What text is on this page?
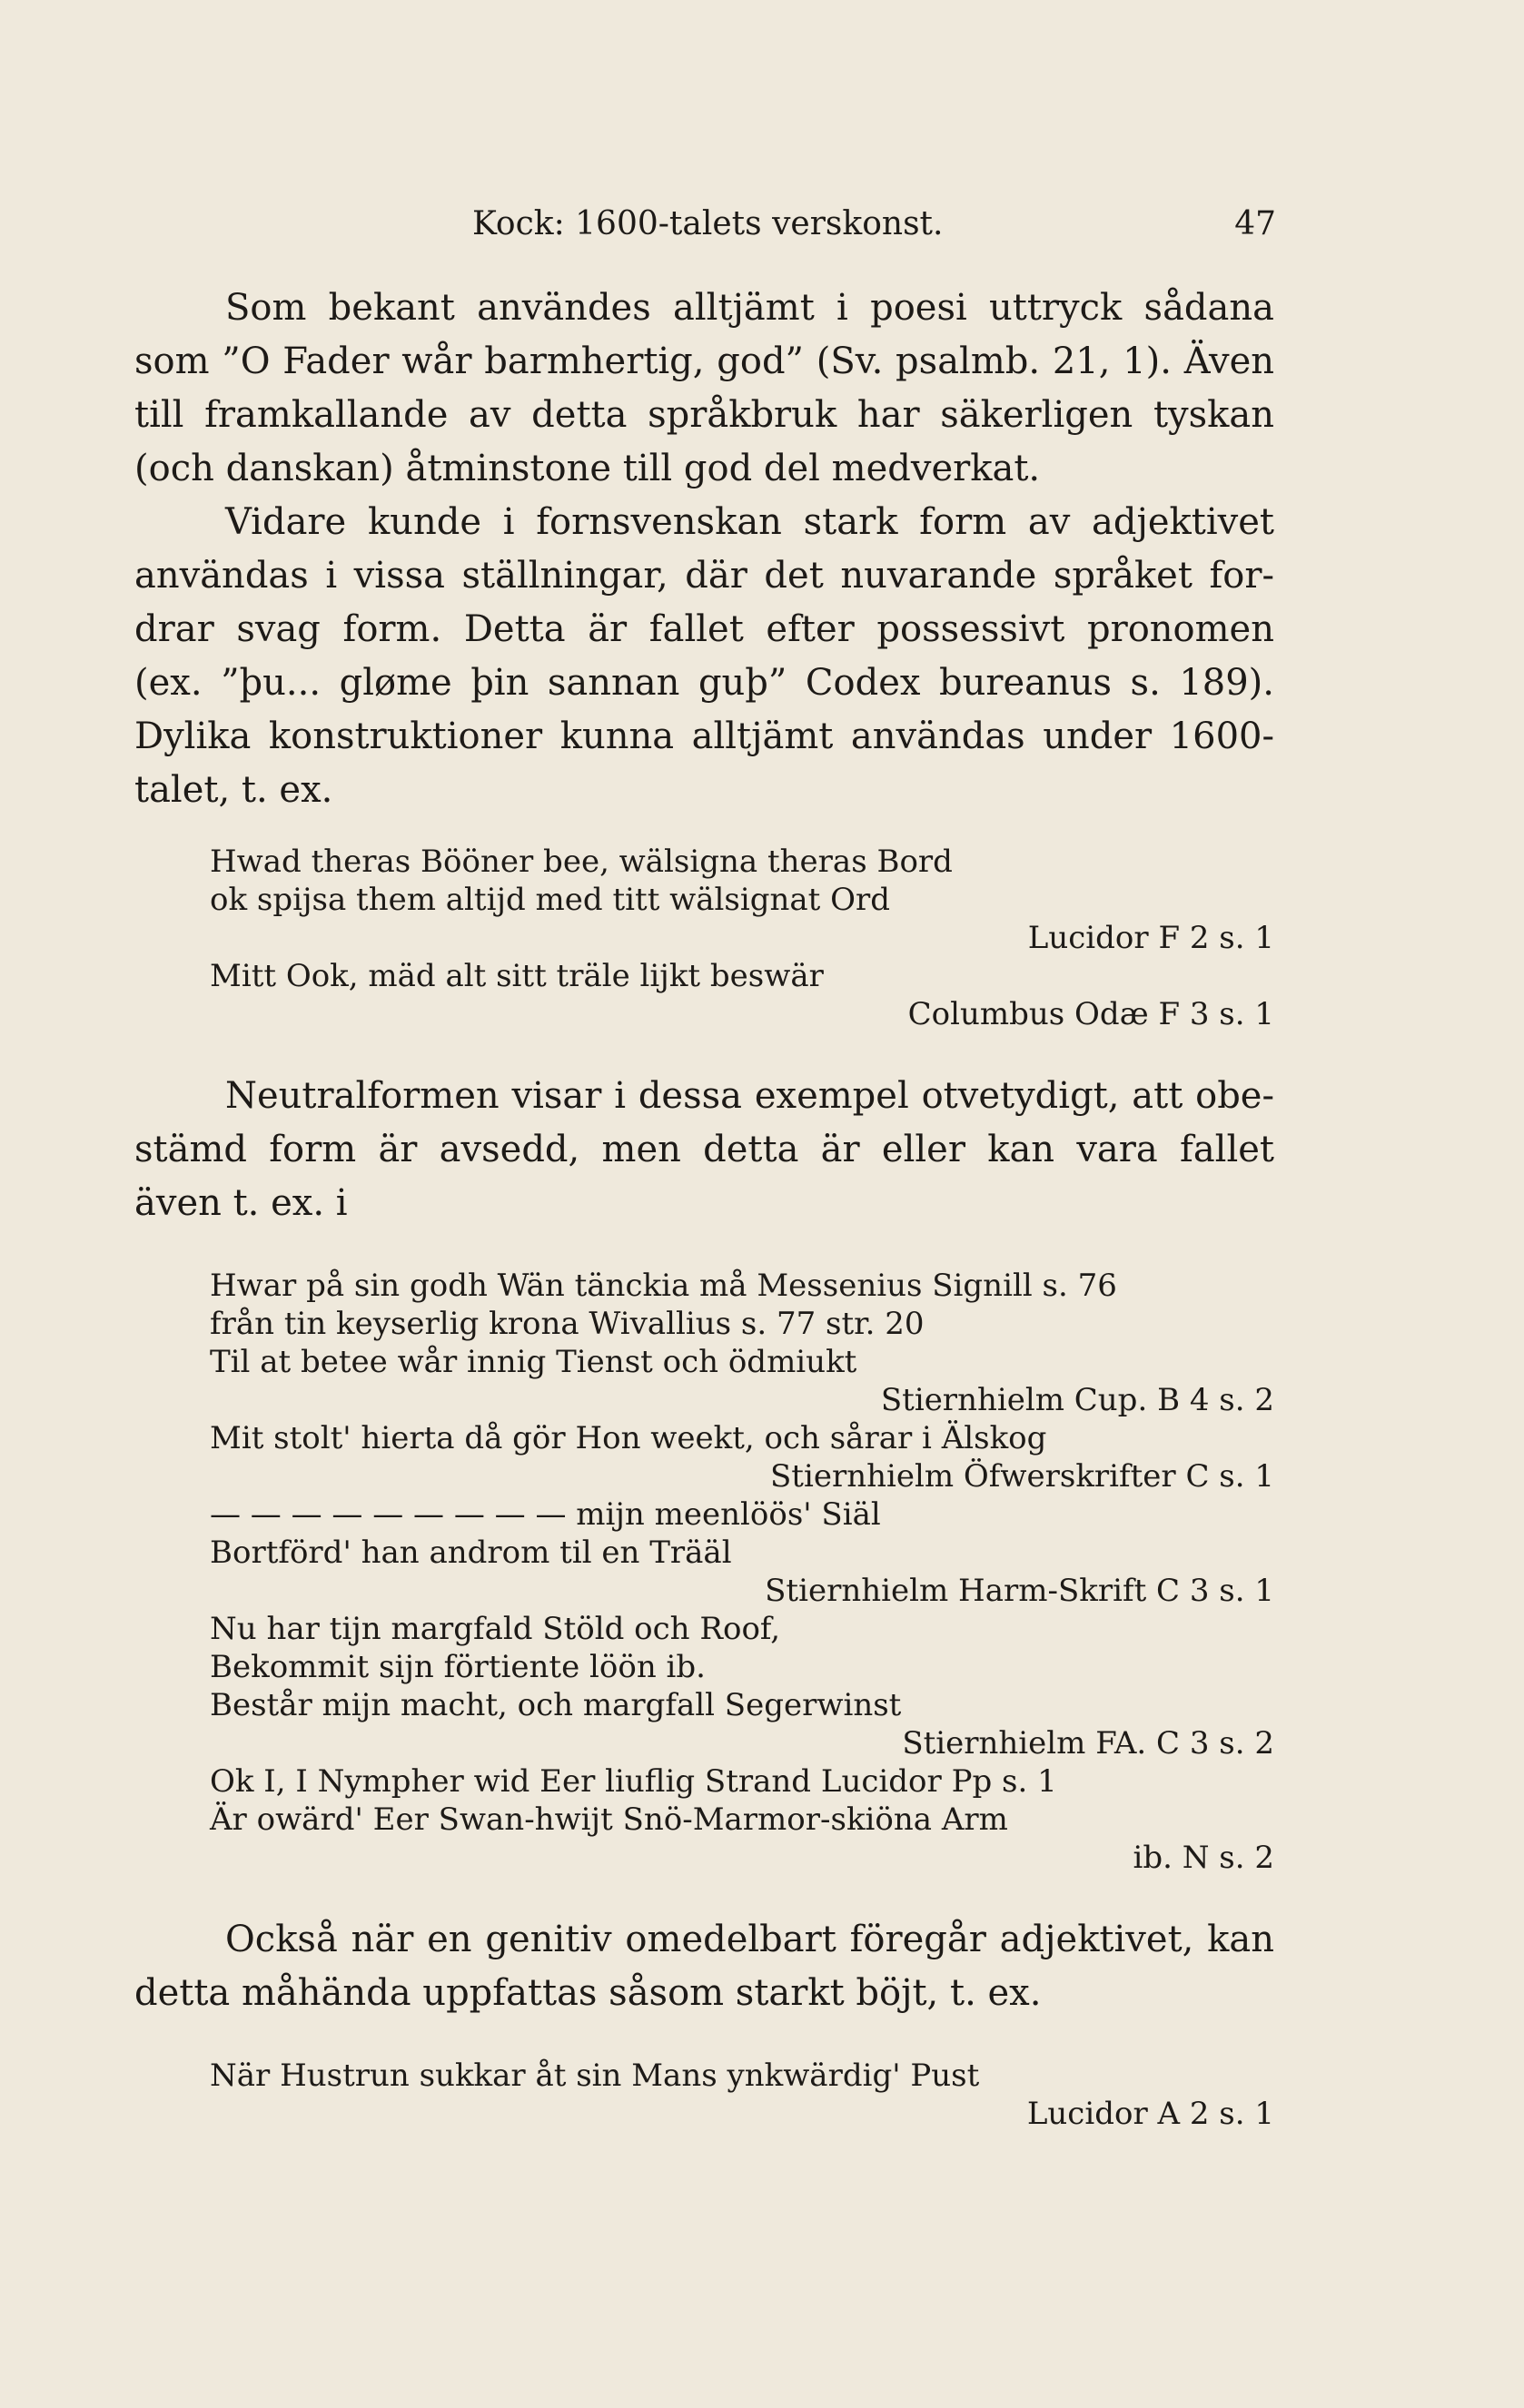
Kock: 1600-talets verskonst.	47

Som bekant användes alltjämt i poesi uttryck sådana
som ”O Fader wår barmhertig, god” (Sv. psalmb. 21, 1). Även
till framkallande av detta språkbruk har säkerligen tyskan
(och danskan) åtminstone till god del medverkat.
Vidare kunde i fornsvenskan stark form av adjektivet
användas i vissa ställningar, där det nuvarande språket for-
drar svag form. Detta är fallet efter possessivt pronomen
(ex. ”þu... gløme þin sannan guþ” Codex bureanus s. 189).
Dylika konstruktioner kunna alltjämt användas under 1600-
talet, t. ex.

Hwad theras Bööner bee, wälsigna theras Bord
ok spijsa them altijd med titt wälsignat Ord
Lucidor F 2 s. 1
Mitt Ook, mäd alt sitt träle lijkt beswär
Columbus Odæ F 3 s. 1

Neutralformen visar i dessa exempel otvetydigt, att obe-
stämd form är avsedd, men detta är eller kan vara fallet
även t. ex. i

Hwar på sin godh Wän tänckia må Messenius Signill s. 76
från tin keyserlig krona Wivallius s. 77 str. 20
Til at betee wår innig Tienst och ödmiukt
Stiernhielm Cup. B 4 s. 2
Mit stolt' hierta då gör Hon weekt, och sårar i Älskog
Stiernhielm Öfwerskrifter C s. 1
— — — — — — — — — mijn meenlöös' Siäl
Bortförd' han androm til en Trääl
Stiernhielm Harm-Skrift C 3 s. 1
Nu har tijn margfald Stöld och Roof,
Bekommit sijn förtiente löön ib.
Består mijn macht, och margfall Segerwinst
Stiernhielm FA. C 3 s. 2
Ok I, I Nympher wid Eer liuflig Strand Lucidor Pp s. 1
Är owärd' Eer Swan-hwijt Snö-Marmor-skiöna Arm
ib. N s. 2

Också när en genitiv omedelbart föregår adjektivet, kan
detta måhända uppfattas såsom starkt böjt, t. ex.

När Hustrun sukkar åt sin Mans ynkwärdig' Pust
Lucidor A 2 s. 1
